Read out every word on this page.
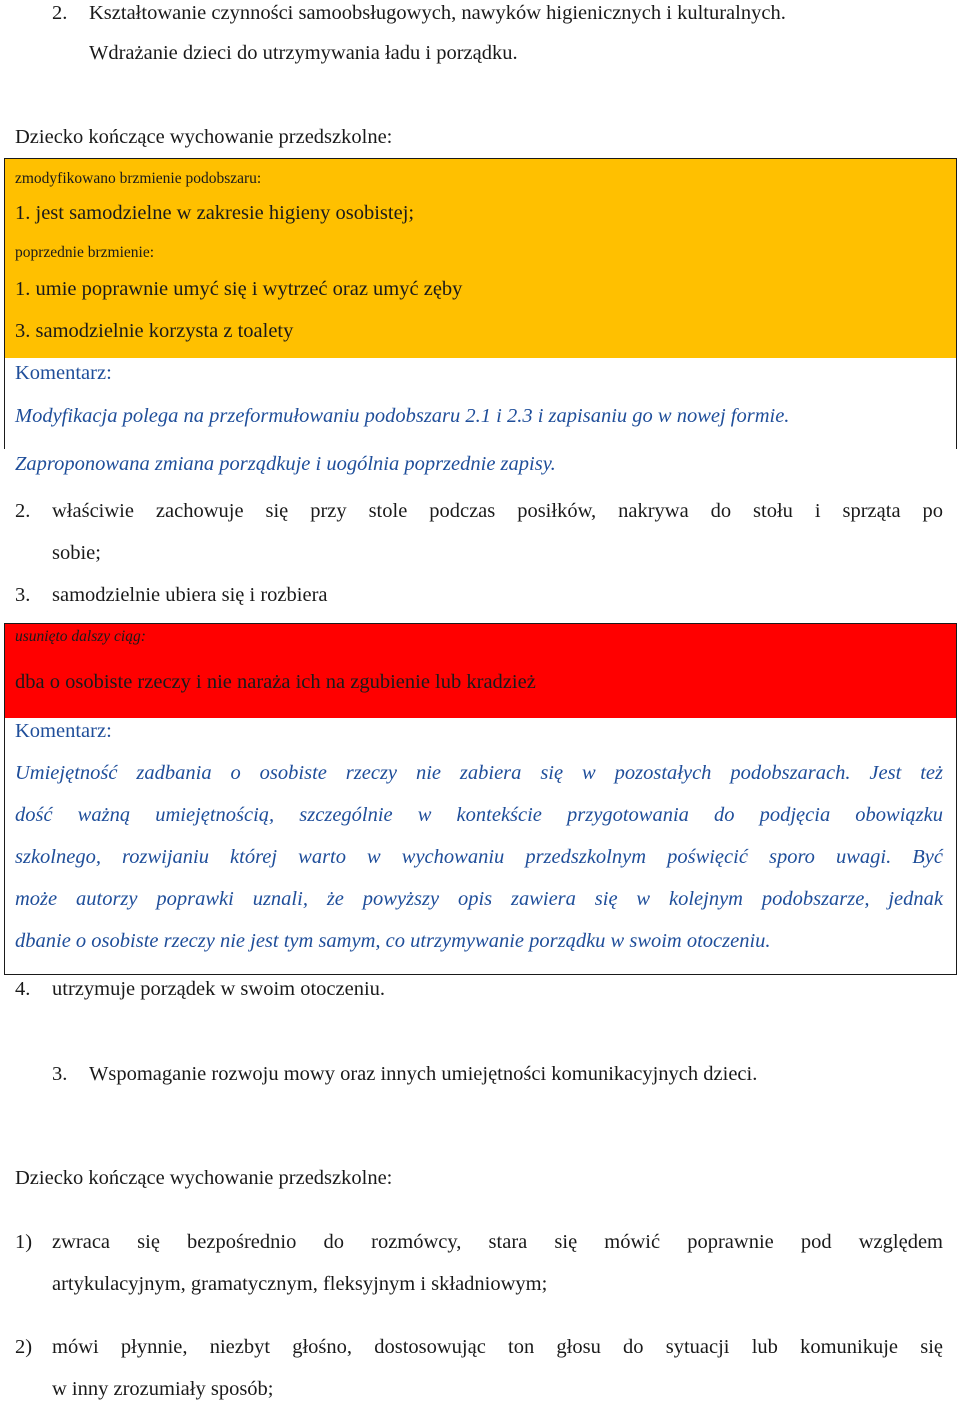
2. Kształtowanie czynności samoobsługowych, nawyków higienicznych i kulturalnych.
Wdrażanie dzieci do utrzymywania ładu i porządku.
Dziecko kończące wychowanie przedszkolne:
zmodyfikowano brzmienie podobszaru:
1. jest samodzielne w zakresie higieny osobistej;
poprzednie brzmienie:
1. umie poprawnie umyć się i wytrzeć oraz umyć zęby
3. samodzielnie korzysta z toalety
Komentarz:
Modyfikacja polega na przeformułowaniu podobszaru 2.1 i 2.3 i zapisaniu go w nowej formie.
Zaproponowana zmiana porządkuje i uogólnia poprzednie zapisy.
2. właściwie zachowuje się przy stole podczas posiłków, nakrywa do stołu i sprząta po
sobie;
3. samodzielnie ubiera się i rozbiera
usunięto dalszy ciąg:
dba o osobiste rzeczy i nie naraża ich na zgubienie lub kradzież
Komentarz:
Umiejętność zadbania o osobiste rzeczy nie zabiera się w pozostałych podobszarach. Jest też
dość ważną umiejętnością, szczególnie w kontekście przygotowania do podjęcia obowiązku
szkolnego, rozwijaniu której warto w wychowaniu przedszkolnym poświęcić sporo uwagi. Być
może autorzy poprawki uznali, że powyższy opis zawiera się w kolejnym podobszarze, jednak
dbanie o osobiste rzeczy nie jest tym samym, co utrzymywanie porządku w swoim otoczeniu.
4. utrzymuje porządek w swoim otoczeniu.
3. Wspomaganie rozwoju mowy oraz innych umiejętności komunikacyjnych dzieci.
Dziecko kończące wychowanie przedszkolne:
1) zwraca się bezpośrednio do rozmówcy, stara się mówić poprawnie pod względem
artykulacyjnym, gramatycznym, fleksyjnym i składniowym;
2) mówi płynnie, niezbyt głośno, dostosowując ton głosu do sytuacji lub komunikuje się
w inny zrozumiały sposób;
